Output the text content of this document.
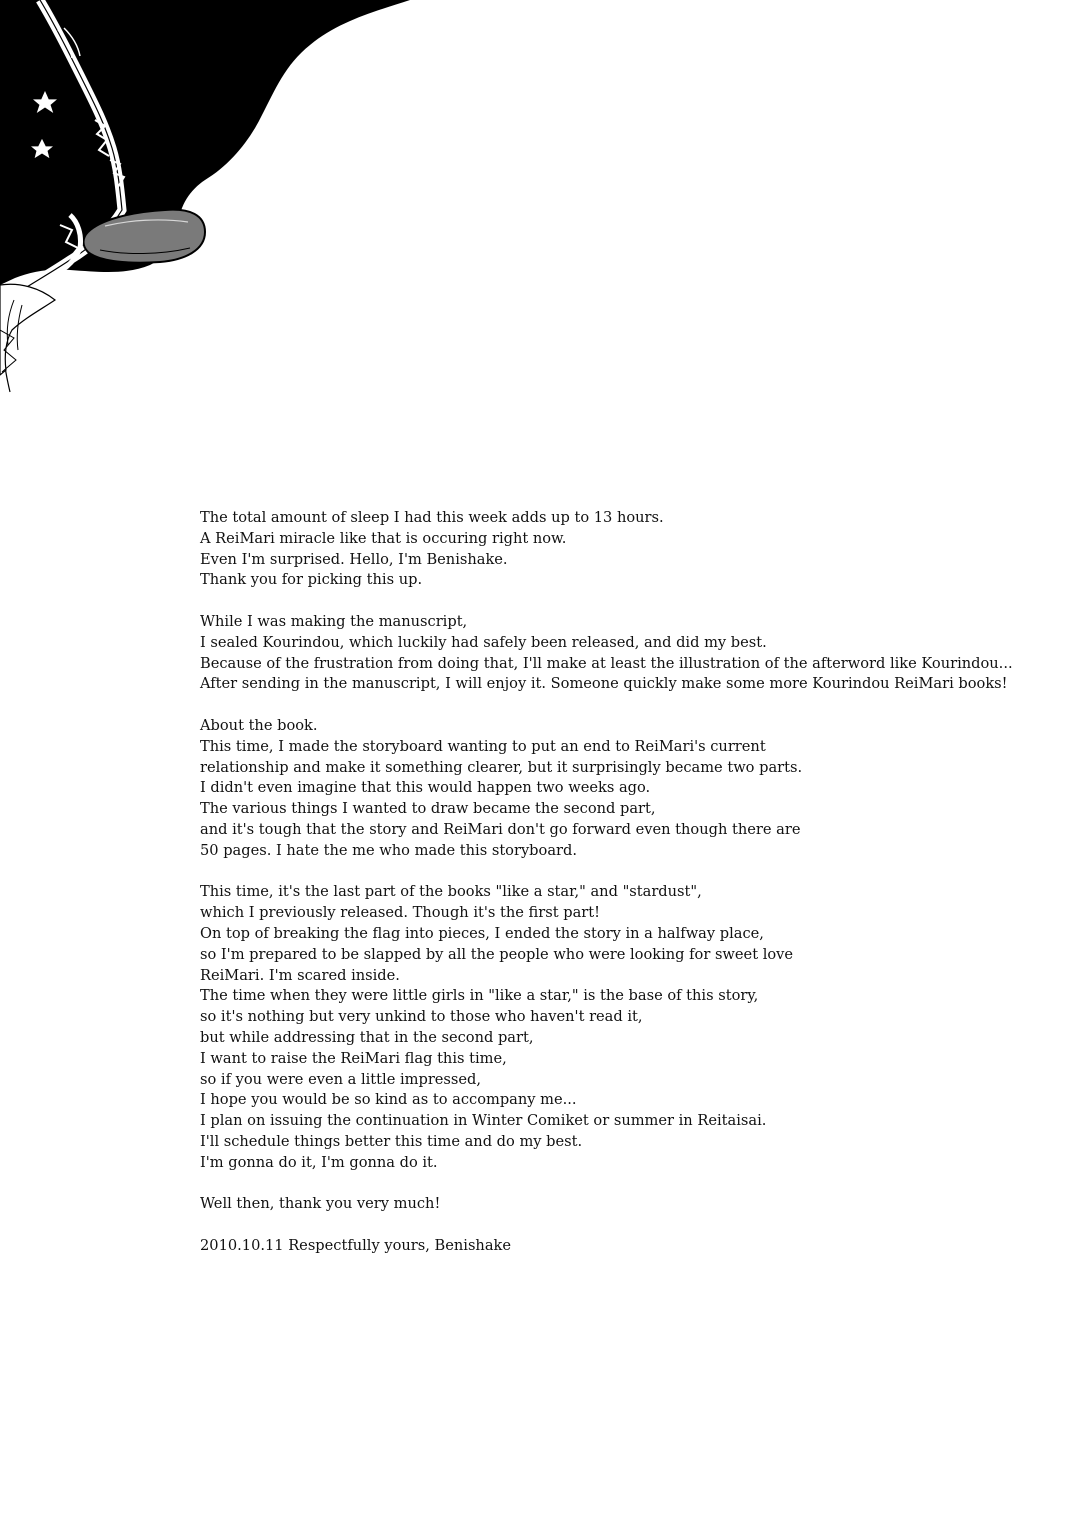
The total amount of sleep I had this week adds up to 13 hours.
A ReiMari miracle like that is occuring right now.
Even I'm surprised. Hello, I'm Benishake.
Thank you for picking this up.

While I was making the manuscript,
I sealed Kourindou, which luckily had safely been released, and did my best.
Because of the frustration from doing that, I'll make at least the illustration of the afterword like Kourindou...
After sending in the manuscript, I will enjoy it. Someone quickly make some more Kourindou ReiMari books!

About the book.
This time, I made the storyboard wanting to put an end to ReiMari's current
relationship and make it something clearer, but it surprisingly became two parts.
I didn't even imagine that this would happen two weeks ago.
The various things I wanted to draw became the second part,
and it's tough that the story and ReiMari don't go forward even though there are
50 pages. I hate the me who made this storyboard.

This time, it's the last part of the books "like a star," and "stardust",
which I previously released. Though it's the first part!
On top of breaking the flag into pieces, I ended the story in a halfway place,
so I'm prepared to be slapped by all the people who were looking for sweet love
ReiMari. I'm scared inside.
The time when they were little girls in "like a star," is the base of this story,
so it's nothing but very unkind to those who haven't read it,
but while addressing that in the second part,
I want to raise the ReiMari flag this time,
so if you were even a little impressed,
I hope you would be so kind as to accompany me...
I plan on issuing the continuation in Winter Comiket or summer in Reitaisai.
I'll schedule things better this time and do my best.
I'm gonna do it, I'm gonna do it.

Well then, thank you very much!

2010.10.11 Respectfully yours, Benishake
